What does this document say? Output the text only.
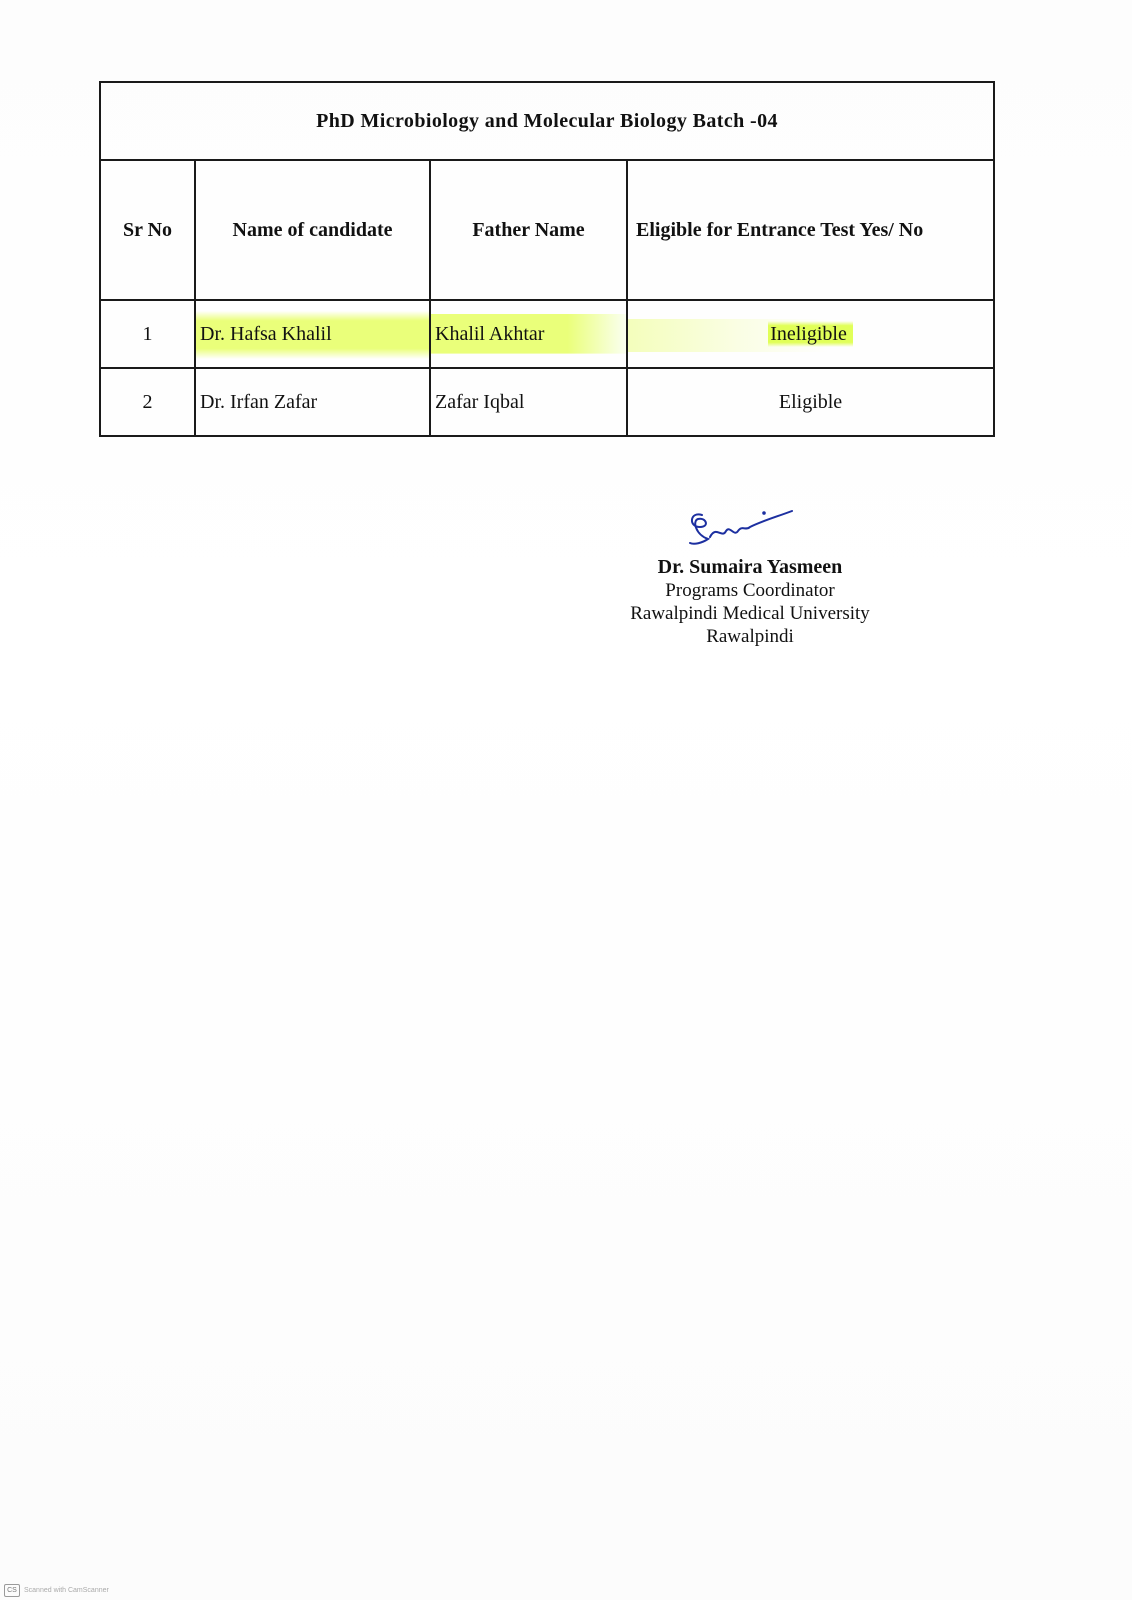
PhD Microbiology and Molecular Biology Batch -04			
Sr No	Name of candidate	Father Name	Eligible for Entrance Test Yes/ No
1	Dr. Hafsa Khalil	Khalil Akhtar	Ineligible
2	Dr. Irfan Zafar	Zafar Iqbal	Eligible
Dr. Sumaira Yasmeen
Programs Coordinator
Rawalpindi Medical University
Rawalpindi
CS	Scanned with CamScanner
